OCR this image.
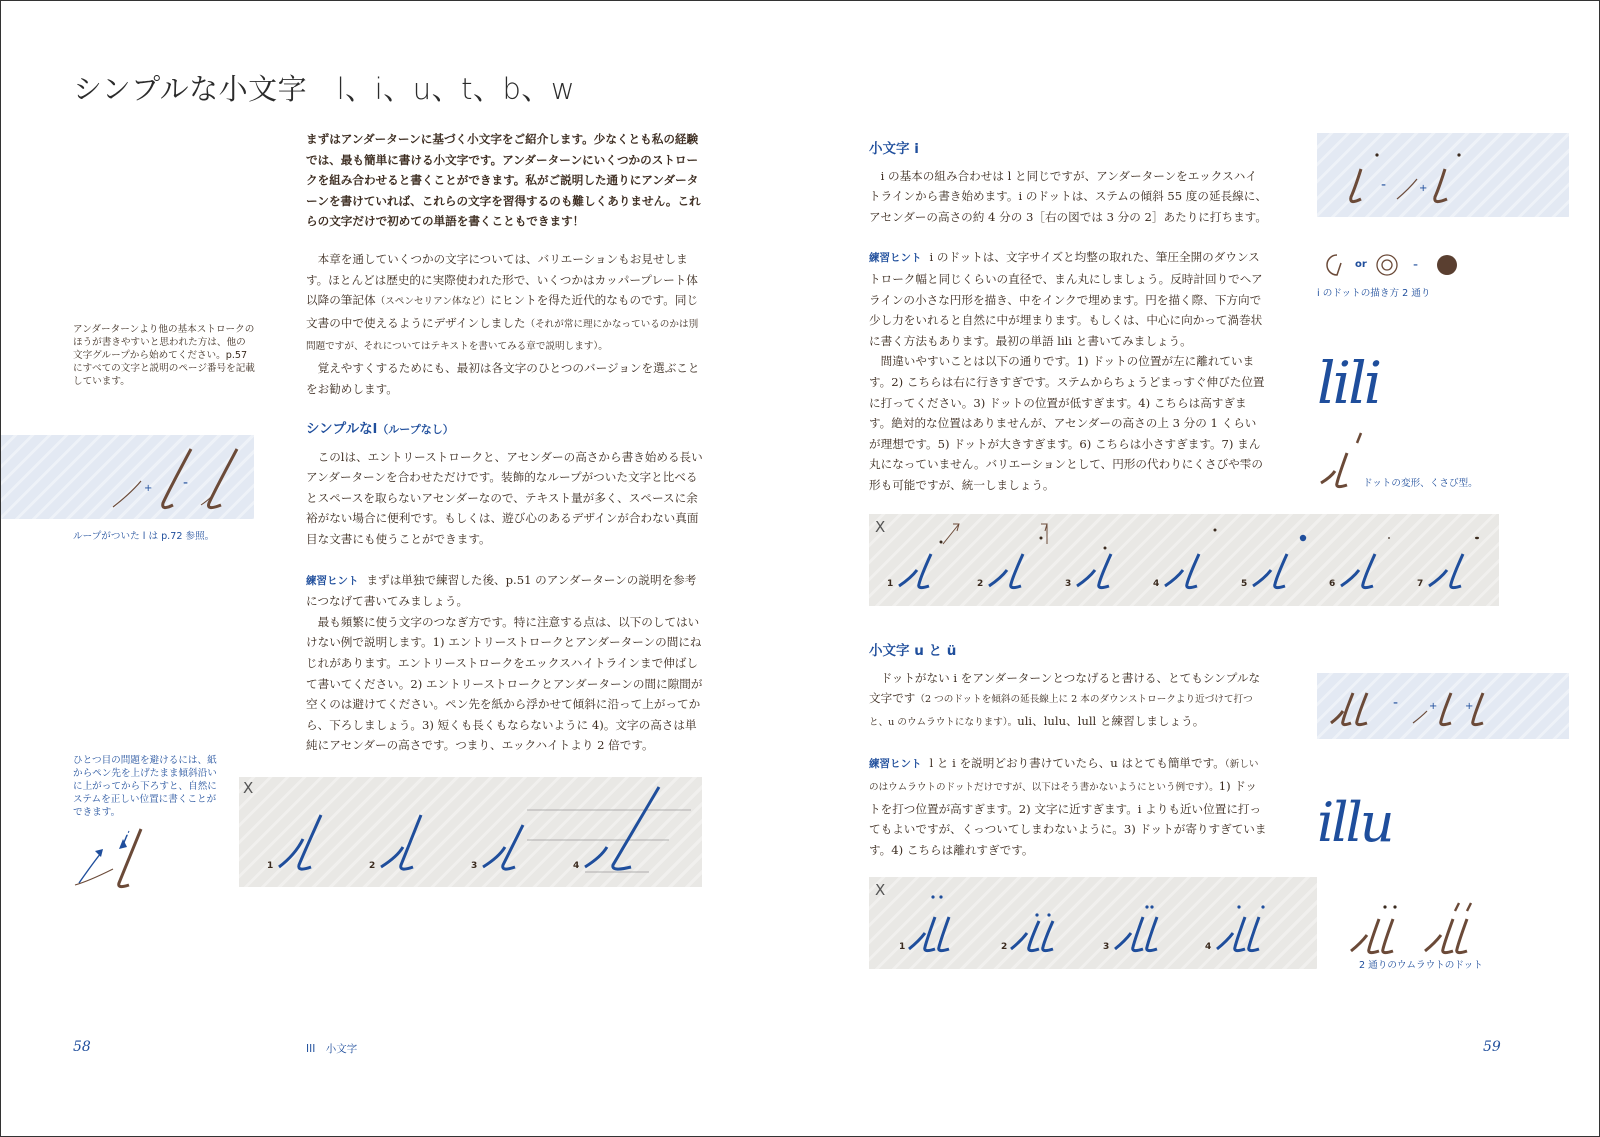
シンプルな小文字　l、i、u、t、b、w

まずはアンダーターンに基づく小文字をご紹介します。少なくとも私の経験では、最も簡単に書ける小文字です。アンダーターンにいくつかのストロークを組み合わせると書くことができます。私がご説明した通りにアンダーターンを書けていれば、これらの文字を習得するのも難しくありません。これらの文字だけで初めての単語を書くこともできます！

本章を通していくつかの文字については、バリエーションもお見せします。ほとんどは歴史的に実際使われた形で、いくつかはカッパープレート体以降の筆記体（スペンセリアン体など）にヒントを得た近代的なものです。同じ文書の中で使えるようにデザインしました（それが常に理にかなっているのかは別問題ですが、それについてはテキストを書いてみる章で説明します）。

覚えやすくするためにも、最初は各文字のひとつのバージョンを選ぶことをお勧めします。

アンダーターンより他の基本ストロークのほうが書きやすいと思われた方は、他の文字グループから始めてください。p.57 にすべての文字と説明のページ番号を記載しています。
+ -
ループがついた l は p.72 参照。

シンプルなl（ループなし）

このlは、エントリーストロークと、アセンダーの高さから書き始める長いアンダーターンを合わせただけです。装飾的なループがついた文字と比べるとスペースを取らないアセンダーなので、テキスト量が多く、スペースに余裕がない場合に便利です。もしくは、遊び心のあるデザインが合わない真面目な文書にも使うことができます。

練習ヒント まずは単独で練習した後、p.51 のアンダーターンの説明を参考につなげて書いてみましょう。

最も頻繁に使う文字のつなぎ方です。特に注意する点は、以下のしてはいけない例で説明します。1) エントリーストロークとアンダーターンの間にねじれがあります。エントリーストロークをエックスハイトラインまで伸ばして書いてください。2) エントリーストロークとアンダーターンの間に隙間が空くのは避けてください。ペン先を紙から浮かせて傾斜に沿って上がってから、下ろしましょう。3) 短くも長くもならないように 4)。文字の高さは単純にアセンダーの高さです。つまり、エックハイトより 2 倍です。

ひとつ目の問題を避けるには、紙からペン先を上げたまま傾斜沿いに上がってから下ろすと、自然にステムを正しい位置に書くことができます。
X
1	2	3	4

小文字 i

i の基本の組み合わせは l と同じですが、アンダーターンをエックスハイトラインから書き始めます。i のドットは、ステムの傾斜 55 度の延長線に、アセンダーの高さの約 4 分の 3［右の図では 3 分の 2］あたりに打ちます。

練習ヒント i のドットは、文字サイズと均整の取れた、筆圧全開のダウンストローク幅と同じくらいの直径で、まん丸にしましょう。反時計回りでヘアラインの小さな円形を描き、中をインクで埋めます。円を描く際、下方向で少し力をいれると自然に中が埋まります。もしくは、中心に向かって渦巻状に書く方法もあります。最初の単語 lili と書いてみましょう。

間違いやすいことは以下の通りです。1) ドットの位置が左に離れています。2) こちらは右に行きすぎです。ステムからちょうどまっすぐ伸びた位置に打ってください。3) ドットの位置が低すぎます。4) こちらは高すぎます。絶対的な位置はありませんが、アセンダーの高さの上 3 分の 1 くらいが理想です。5) ドットが大きすぎます。6) こちらは小さすぎます。7) まん丸になっていません。バリエーションとして、円形の代わりにくさびや雫の形も可能ですが、統一しましょう。

-	+
or	-
i のドットの描き方 2 通り
lili
ドットの変形、くさび型。
X
1	2	3	4	5	6	7

小文字 u と ü

ドットがない i をアンダーターンとつなげると書ける、とてもシンプルな文字です（2 つのドットを傾斜の延長線上に 2 本のダウンストロークより近づけて打つと、u のウムラウトになります）。uli、lulu、lull と練習しましょう。

練習ヒント l と i を説明どおり書けていたら、u はとても簡単です。（新しいのはウムラウトのドットだけですが、以下はそう書かないようにという例です）。1) ドットを打つ位置が高すぎます。2) 文字に近すぎます。i よりも近い位置に打ってもよいですが、くっついてしまわないように。3) ドットが寄りすぎています。4) こちらは離れすぎです。

-	+	+
illu
X
1	2	3	4
2 通りのウムラウトのドット
58	III　小文字	59
